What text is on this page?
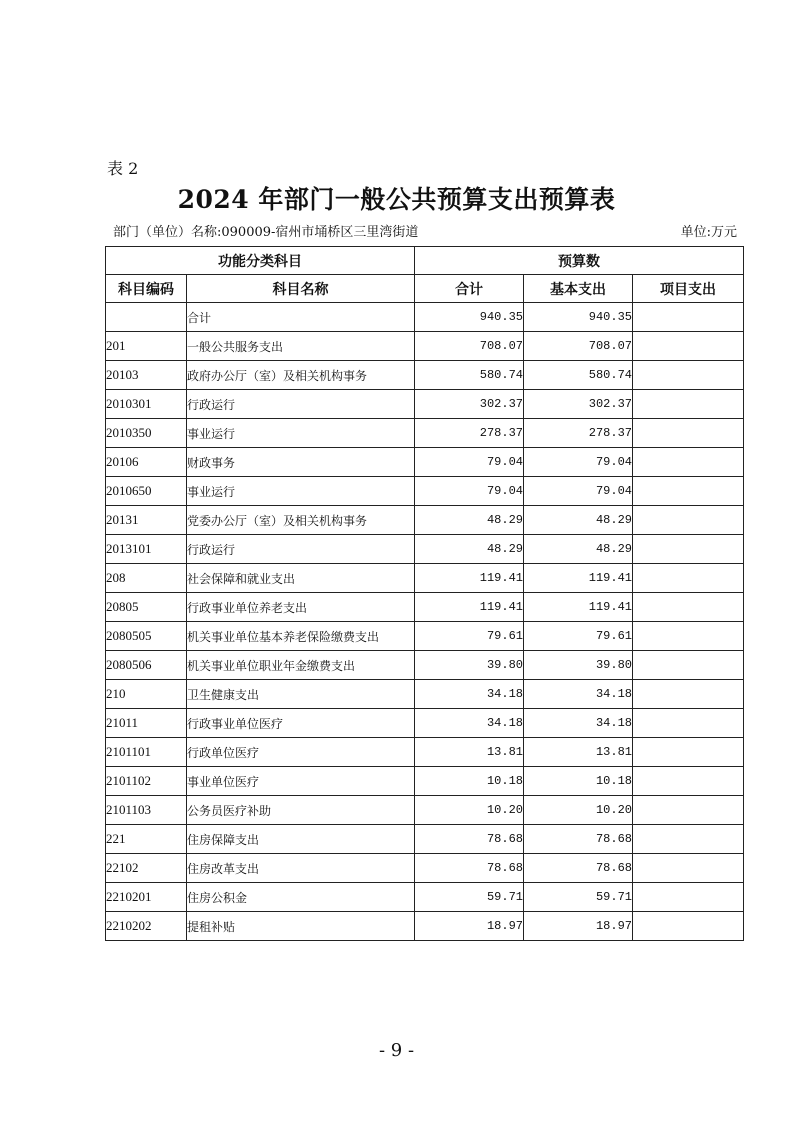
表 2
2024 年部门一般公共预算支出预算表
部门（单位）名称:090009-宿州市埇桥区三里湾街道	单位:万元
功能分类科目		预算数		
科目编码	科目名称	合计	基本支出	项目支出
	合计	940.35	940.35	
201	一般公共服务支出	708.07	708.07	
20103	政府办公厅（室）及相关机构事务	580.74	580.74	
2010301	行政运行	302.37	302.37	
2010350	事业运行	278.37	278.37	
20106	财政事务	79.04	79.04	
2010650	事业运行	79.04	79.04	
20131	党委办公厅（室）及相关机构事务	48.29	48.29	
2013101	行政运行	48.29	48.29	
208	社会保障和就业支出	119.41	119.41	
20805	行政事业单位养老支出	119.41	119.41	
2080505	机关事业单位基本养老保险缴费支出	79.61	79.61	
2080506	机关事业单位职业年金缴费支出	39.80	39.80	
210	卫生健康支出	34.18	34.18	
21011	行政事业单位医疗	34.18	34.18	
2101101	行政单位医疗	13.81	13.81	
2101102	事业单位医疗	10.18	10.18	
2101103	公务员医疗补助	10.20	10.20	
221	住房保障支出	78.68	78.68	
22102	住房改革支出	78.68	78.68	
2210201	住房公积金	59.71	59.71	
2210202	提租补贴	18.97	18.97	
- 9 -
